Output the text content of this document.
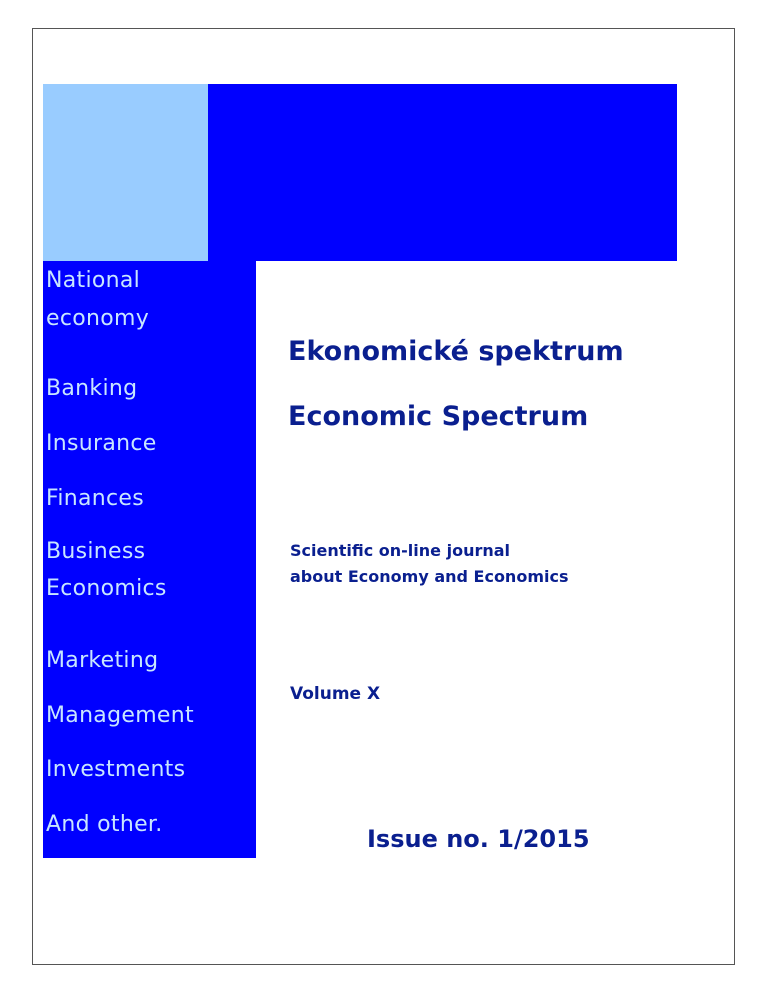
National

economy

Banking

Insurance

Finances

Business

Economics

Marketing

Management

Investments

And other.

Ekonomické spektrum

Economic Spectrum

Scientific on-line journal
about Economy and Economics

Volume X

Issue no. 1/2015
